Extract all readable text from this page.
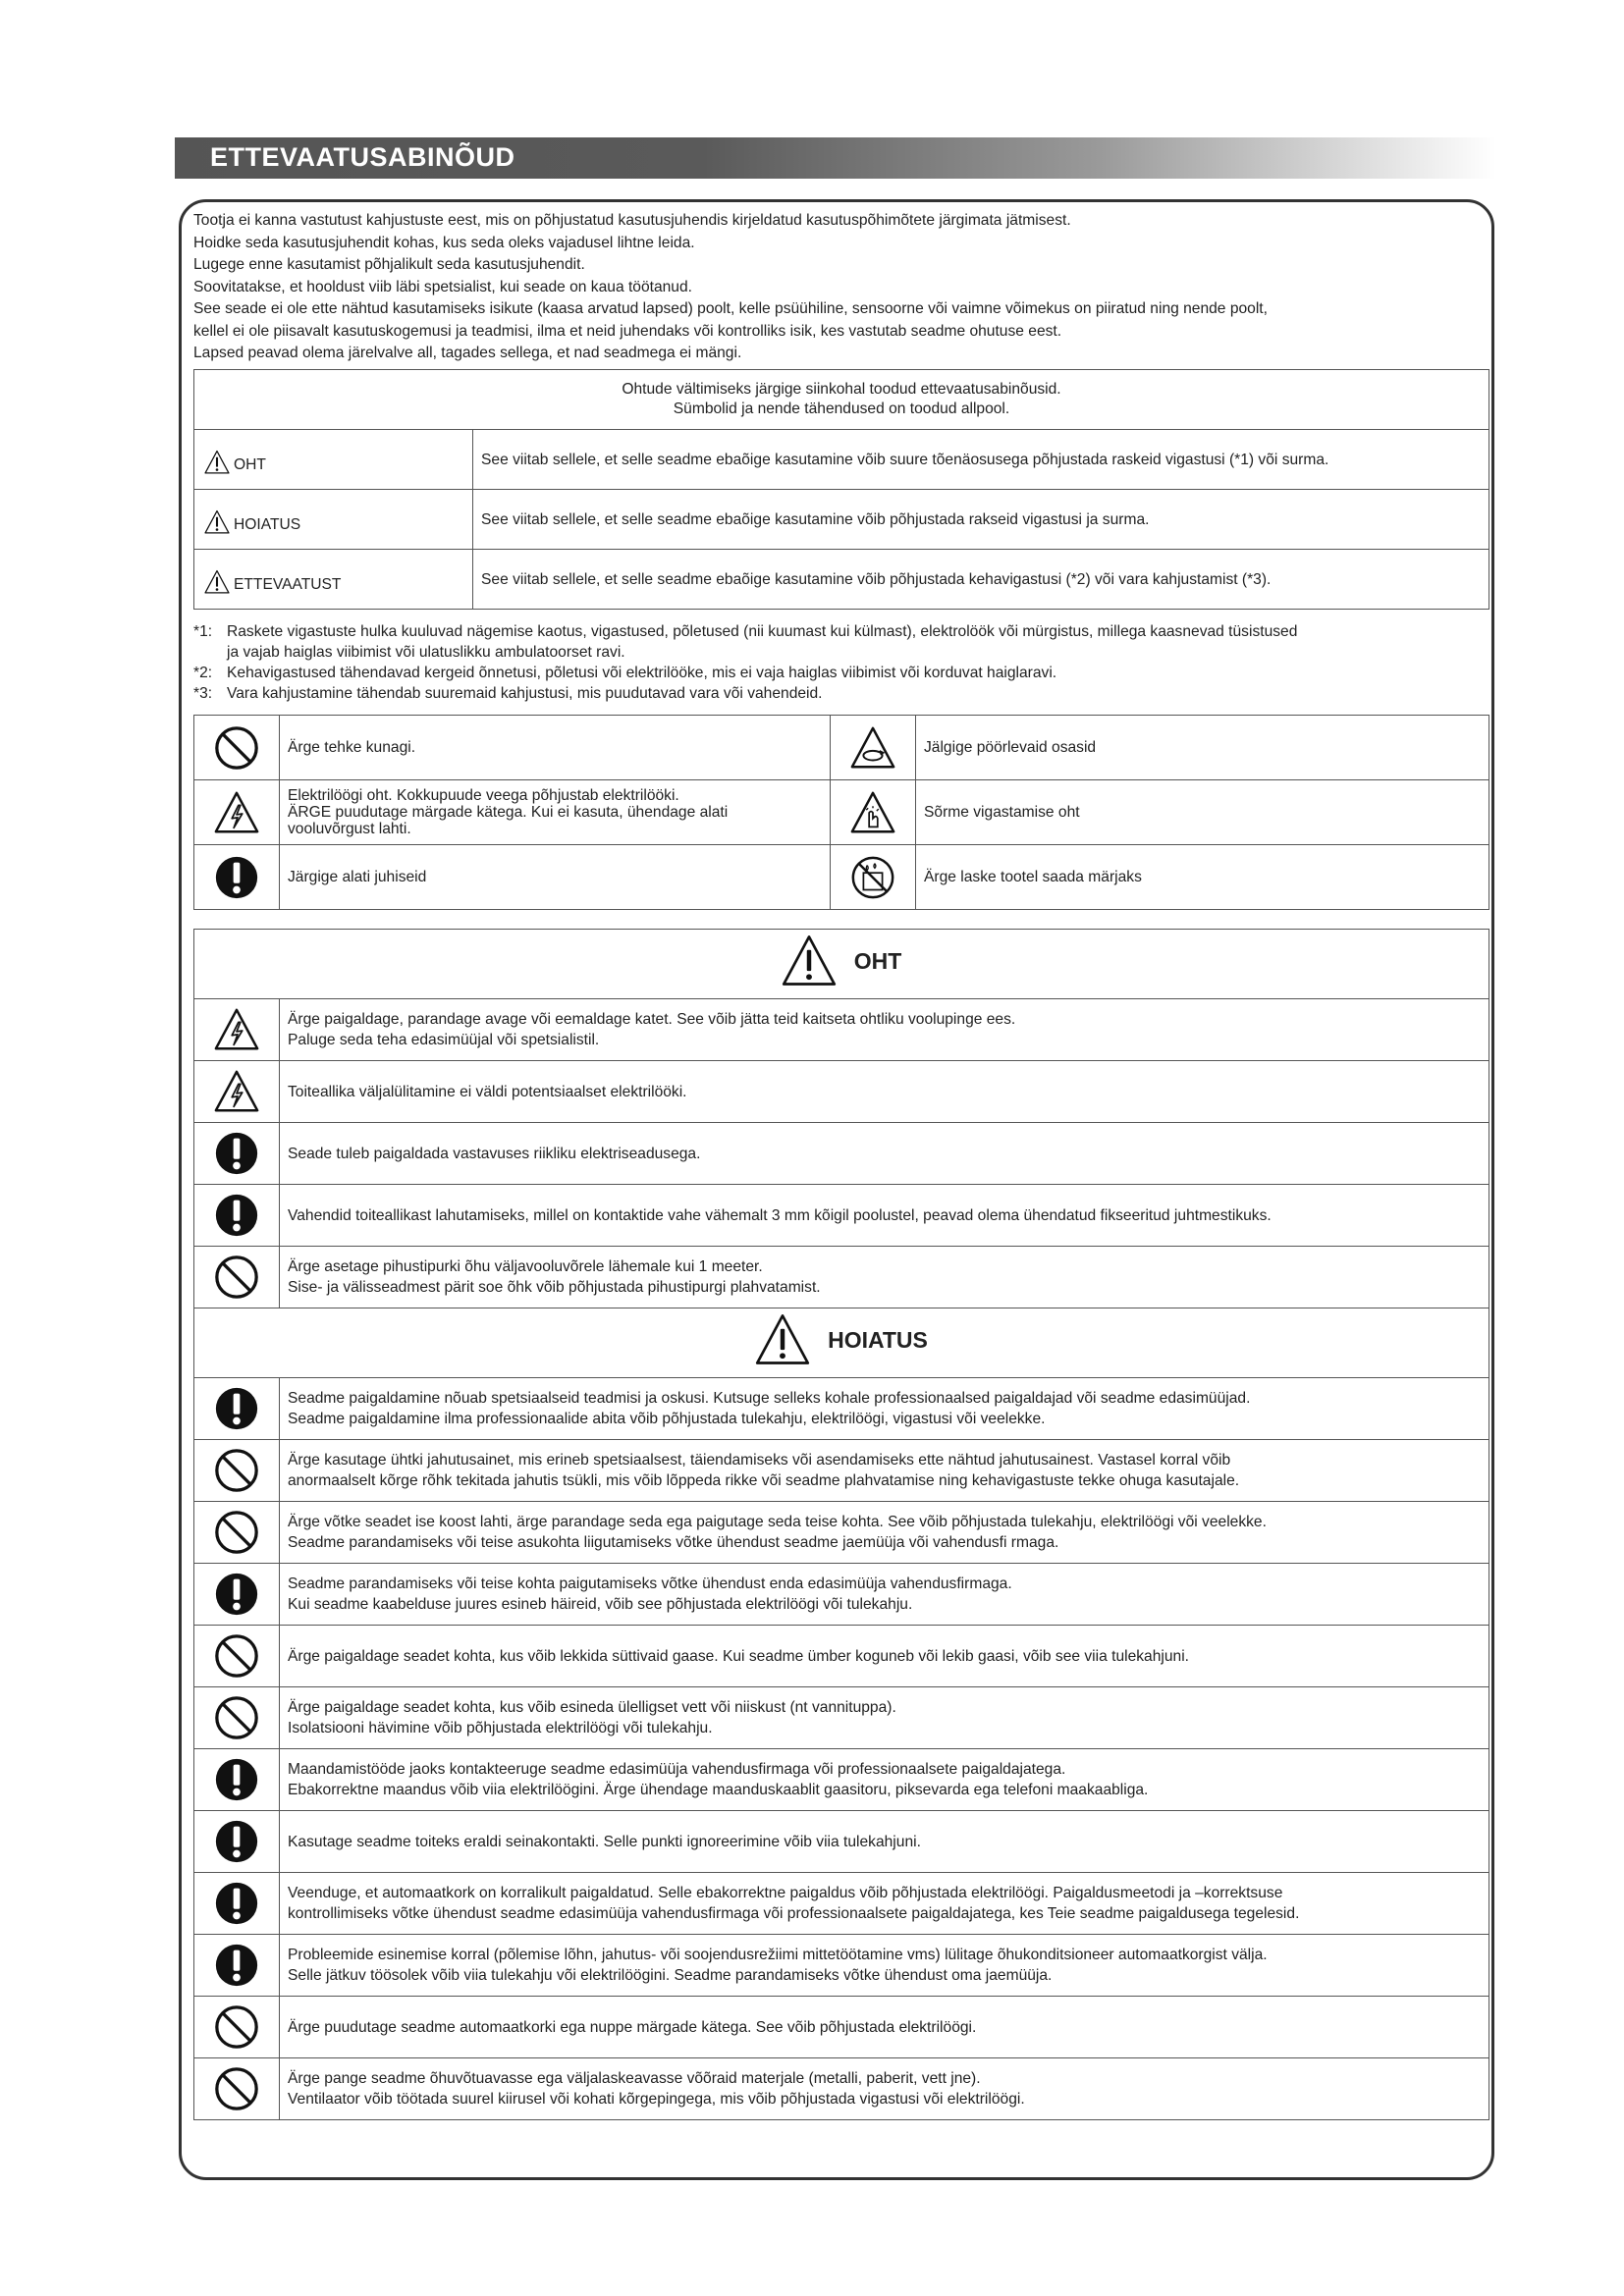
ETTEVAATUSABINÕUD
Tootja ei kanna vastutust kahjustuste eest, mis on põhjustatud kasutusjuhendis kirjeldatud kasutuspõhimõtete järgimata jätmisest.
Hoidke seda kasutusjuhendit kohas, kus seda oleks vajadusel lihtne leida.
Lugege enne kasutamist põhjalikult seda kasutusjuhendit.
Soovitatakse, et hooldust viib läbi spetsialist, kui seade on kaua töötanud.
See seade ei ole ette nähtud kasutamiseks isikute (kaasa arvatud lapsed) poolt, kelle psüühiline, sensoorne või vaimne võimekus on piiratud ning nende poolt,
kellel ei ole piisavalt kasutuskogemusi ja teadmisi, ilma et neid juhendaks või kontrolliks isik, kes vastutab seadme ohutuse eest.
Lapsed peavad olema järelvalve all, tagades sellega, et nad seadmega ei mängi.
Ohtude vältimiseks järgige siinkohal toodud ettevaatusabinõusid.
Sümbolid ja nende tähendused on toodud allpool.	

OHT	See viitab sellele, et selle seadme ebaõige kasutamine võib suure tõenäosusega põhjustada raskeid vigastusi (*1) või surma.

HOIATUS	See viitab sellele, et selle seadme ebaõige kasutamine võib põhjustada rakseid vigastusi ja surma.

ETTEVAATUST	See viitab sellele, et selle seadme ebaõige kasutamine võib põhjustada kehavigastusi (*2) või vara kahjustamist (*3).
*1: Raskete vigastuste hulka kuuluvad nägemise kaotus, vigastused, põletused (nii kuumast kui külmast), elektrolöök või mürgistus, millega kaasnevad tüsistused
ja vajab haiglas viibimist või ulatuslikku ambulatoorset ravi.
*2: Kehavigastused tähendavad kergeid õnnetusi, põletusi või elektrilööke, mis ei vaja haiglas viibimist või korduvat haiglaravi.
*3: Vara kahjustamine tähendab suuremaid kahjustusi, mis puudutavad vara või vahendeid.

Ärge tehke kunagi.		Jälgige pöörlevaid osasid

Elektrilöögi oht. Kokkupuude veega põhjustab elektrilööki.
ÄRGE puudutage märgade kätega. Kui ei kasuta, ühendage alati
vooluvõrgust lahti.		Sõrme vigastamise oht

Järgige alati juhiseid		Ärge laske tootel saada märjaks
OHT	

Ärge paigaldage, parandage avage või eemaldage katet. See võib jätta teid kaitseta ohtliku voolupinge ees.
Paluge seda teha edasimüüjal või spetsialistil.

Toiteallika väljalülitamine ei väldi potentsiaalset elektrilööki.

Seade tuleb paigaldada vastavuses riikliku elektriseadusega.

Vahendid toiteallikast lahutamiseks, millel on kontaktide vahe vähemalt 3 mm kõigil poolustel, peavad olema ühendatud fikseeritud juhtmestikuks.

Ärge asetage pihustipurki õhu väljavooluvõrele lähemale kui 1 meeter.
Sise- ja välisseadmest pärit soe õhk võib põhjustada pihustipurgi plahvatamist.

HOIATUS	

Seadme paigaldamine nõuab spetsiaalseid teadmisi ja oskusi. Kutsuge selleks kohale professionaalsed paigaldajad või seadme edasimüüjad.
Seadme paigaldamine ilma professionaalide abita võib põhjustada tulekahju, elektrilöögi, vigastusi või veelekke.

Ärge kasutage ühtki jahutusainet, mis erineb spetsiaalsest, täiendamiseks või asendamiseks ette nähtud jahutusainest. Vastasel korral võib
anormaalselt kõrge rõhk tekitada jahutis tsükli, mis võib lõppeda rikke või seadme plahvatamise ning kehavigastuste tekke ohuga kasutajale.

Ärge võtke seadet ise koost lahti, ärge parandage seda ega paigutage seda teise kohta. See võib põhjustada tulekahju, elektrilöögi või veelekke.
Seadme parandamiseks või teise asukohta liigutamiseks võtke ühendust seadme jaemüüja või vahendusfi rmaga.

Seadme parandamiseks või teise kohta paigutamiseks võtke ühendust enda edasimüüja vahendusfirmaga.
Kui seadme kaabelduse juures esineb häireid, võib see põhjustada elektrilöögi või tulekahju.

Ärge paigaldage seadet kohta, kus võib lekkida süttivaid gaase. Kui seadme ümber koguneb või lekib gaasi, võib see viia tulekahjuni.

Ärge paigaldage seadet kohta, kus võib esineda ülelligset vett või niiskust (nt vannituppa).
Isolatsiooni hävimine võib põhjustada elektrilöögi või tulekahju.

Maandamistööde jaoks kontakteeruge seadme edasimüüja vahendusfirmaga või professionaalsete paigaldajatega.
Ebakorrektne maandus võib viia elektrilöögini. Ärge ühendage maanduskaablit gaasitoru, piksevarda ega telefoni maakaabliga.

Kasutage seadme toiteks eraldi seinakontakti. Selle punkti ignoreerimine võib viia tulekahjuni.

Veenduge, et automaatkork on korralikult paigaldatud. Selle ebakorrektne paigaldus võib põhjustada elektrilöögi. Paigaldusmeetodi ja –korrektsuse
kontrollimiseks võtke ühendust seadme edasimüüja vahendusfirmaga või professionaalsete paigaldajatega, kes Teie seadme paigaldusega tegelesid.

Probleemide esinemise korral (põlemise lõhn, jahutus- või soojendusrežiimi mittetöötamine vms) lülitage õhukonditsioneer automaatkorgist välja.
Selle jätkuv töösolek võib viia tulekahju või elektrilöögini. Seadme parandamiseks võtke ühendust oma jaemüüja.

Ärge puudutage seadme automaatkorki ega nuppe märgade kätega. See võib põhjustada elektrilöögi.

Ärge pange seadme õhuvõtuavasse ega väljalaskeavasse võõraid materjale (metalli, paberit, vett jne).
Ventilaator võib töötada suurel kiirusel või kohati kõrgepingega, mis võib põhjustada vigastusi või elektrilöögi.
